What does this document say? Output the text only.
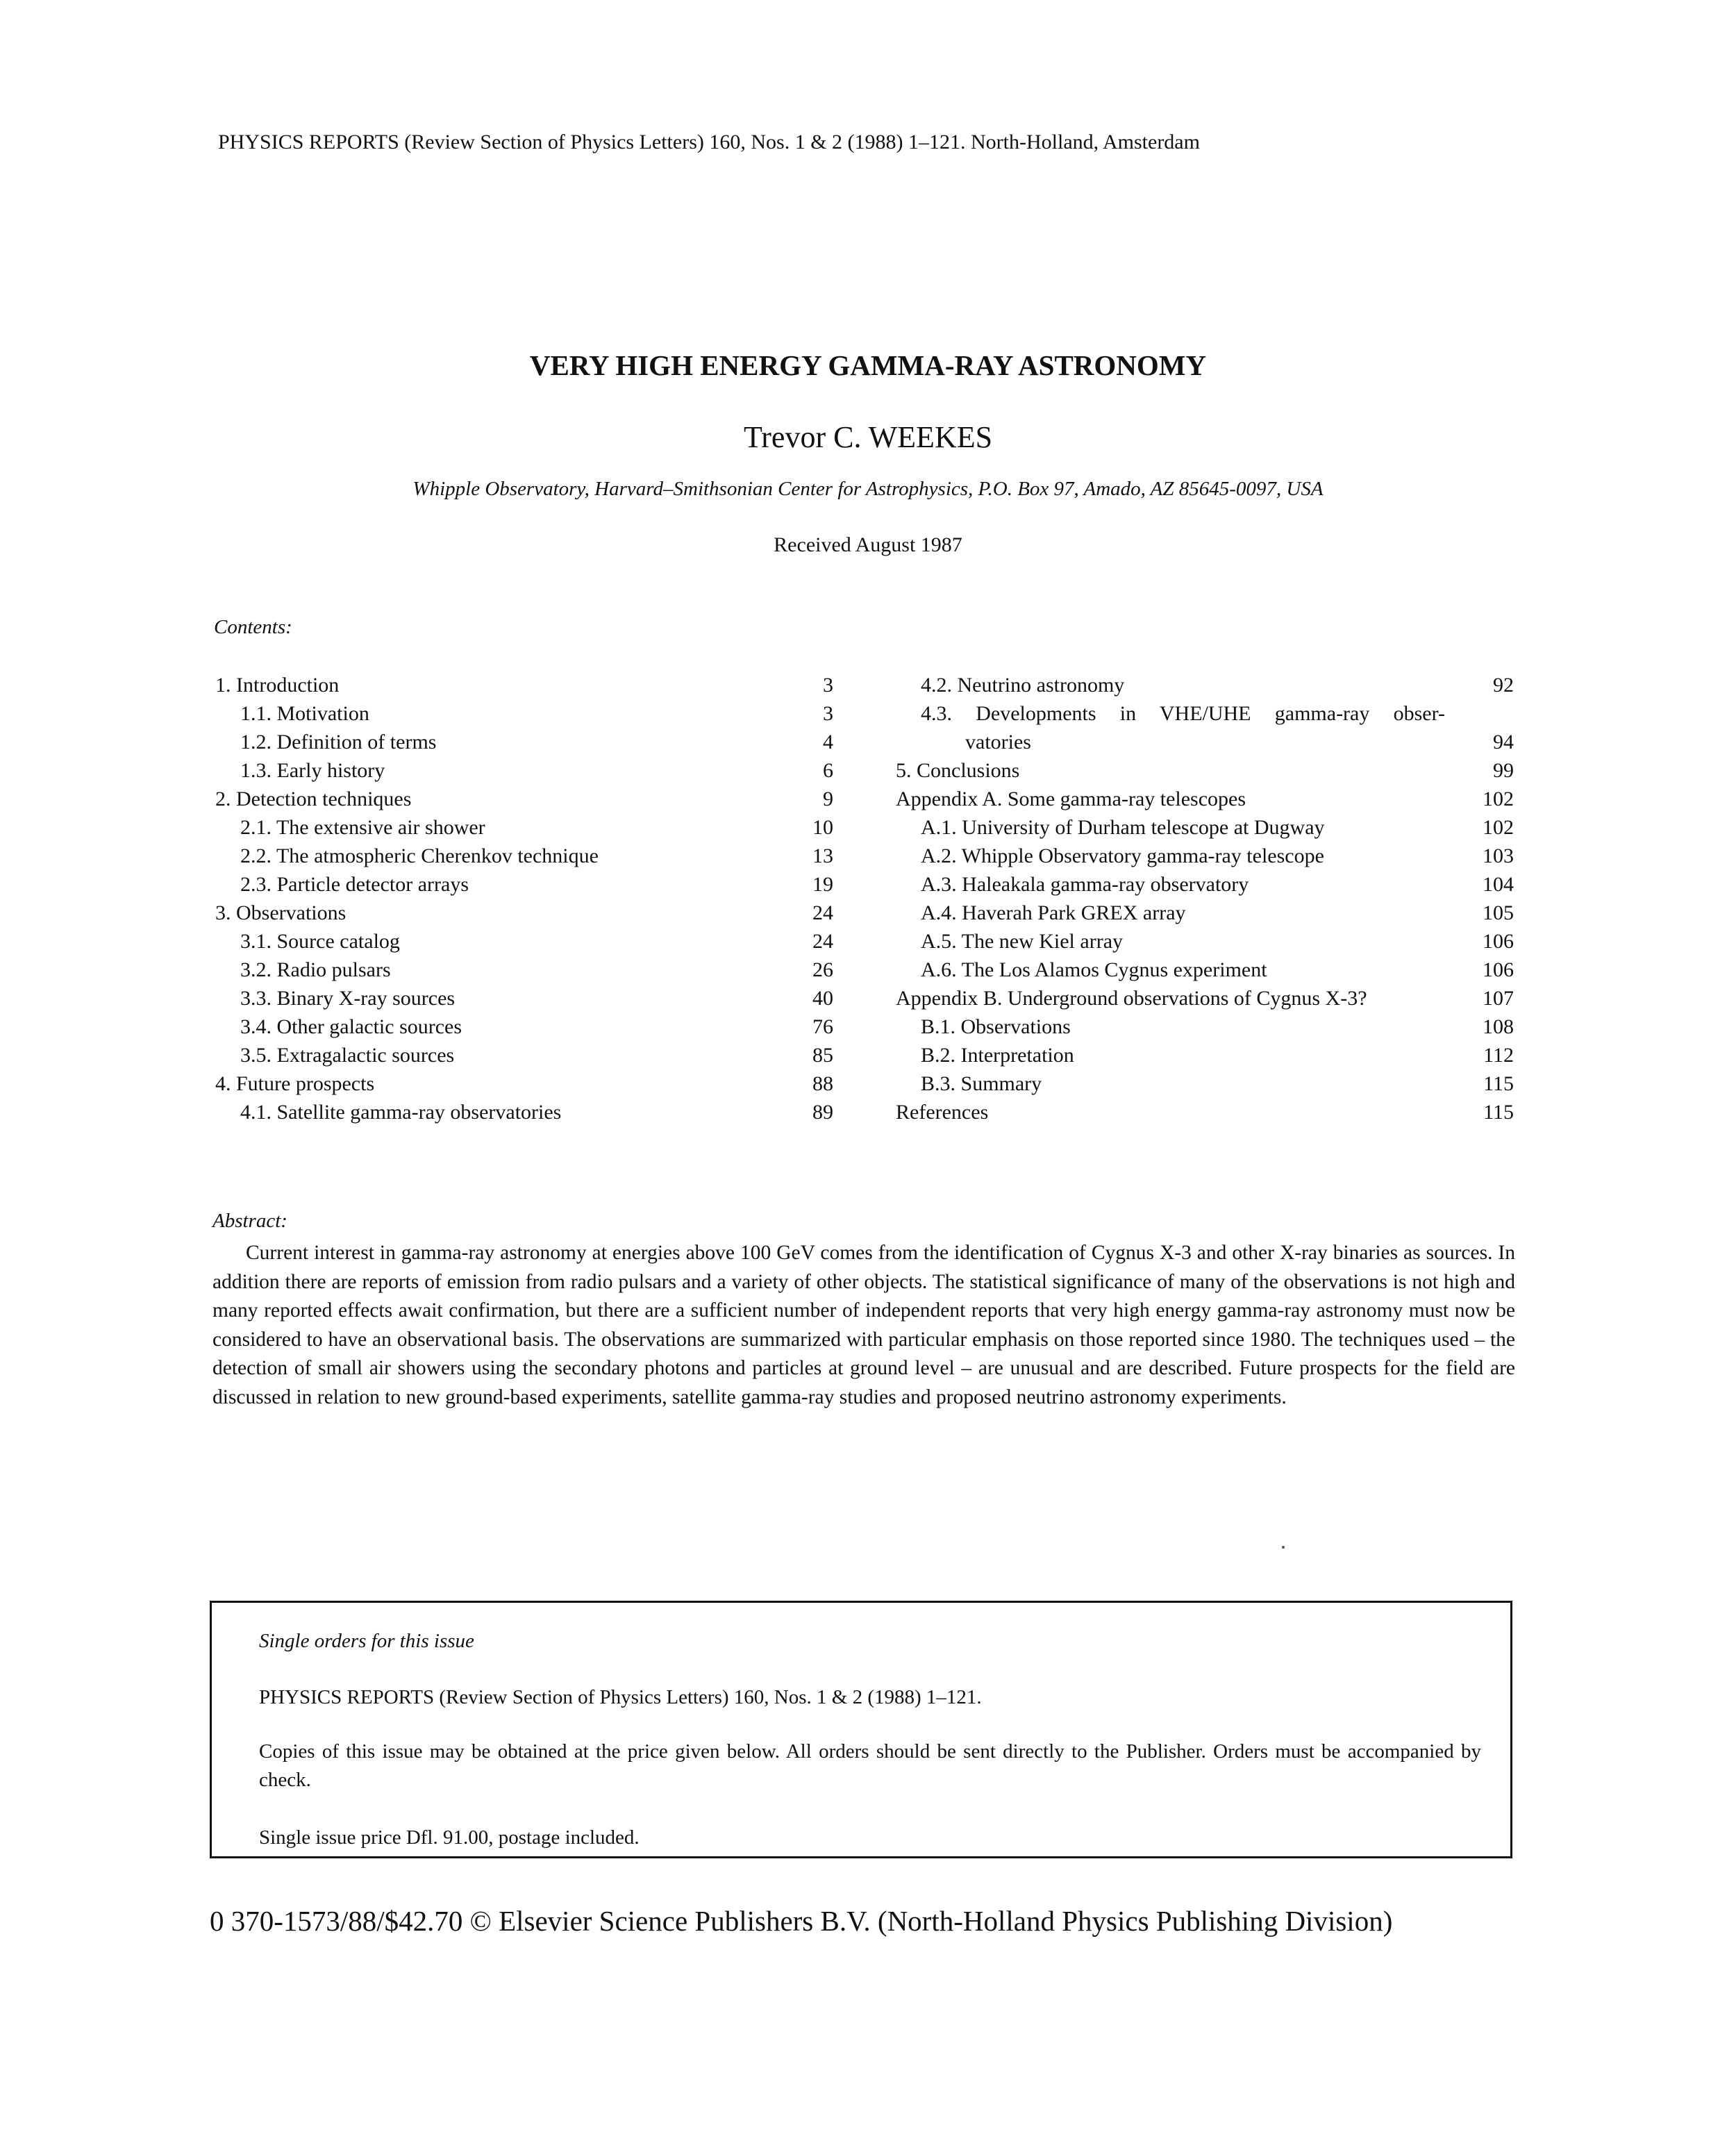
PHYSICS REPORTS (Review Section of Physics Letters) 160, Nos. 1 & 2 (1988) 1–121. North-Holland, Amsterdam
VERY HIGH ENERGY GAMMA-RAY ASTRONOMY
Trevor C. WEEKES
Whipple Observatory, Harvard–Smithsonian Center for Astrophysics, P.O. Box 97, Amado, AZ 85645-0097, USA
Received August 1987
Contents:
1. Introduction	3
1.1. Motivation	3
1.2. Definition of terms	4
1.3. Early history	6
2. Detection techniques	9
2.1. The extensive air shower	10
2.2. The atmospheric Cherenkov technique	13
2.3. Particle detector arrays	19
3. Observations	24
3.1. Source catalog	24
3.2. Radio pulsars	26
3.3. Binary X-ray sources	40
3.4. Other galactic sources	76
3.5. Extragalactic sources	85
4. Future prospects	88
4.1. Satellite gamma-ray observatories	89
4.2. Neutrino astronomy	92
4.3. Developments in VHE/UHE gamma-ray obser-
vatories	94
5. Conclusions	99
Appendix A. Some gamma-ray telescopes	102
A.1. University of Durham telescope at Dugway	102
A.2. Whipple Observatory gamma-ray telescope	103
A.3. Haleakala gamma-ray observatory	104
A.4. Haverah Park GREX array	105
A.5. The new Kiel array	106
A.6. The Los Alamos Cygnus experiment	106
Appendix B. Underground observations of Cygnus X-3?	107
B.1. Observations	108
B.2. Interpretation	112
B.3. Summary	115
References	115
Abstract:
Current interest in gamma-ray astronomy at energies above 100 GeV comes from the identification of Cygnus X-3 and other X-ray binaries as sources. In addition there are reports of emission from radio pulsars and a variety of other objects. The statistical significance of many of the observations is not high and many reported effects await confirmation, but there are a sufficient number of independent reports that very high energy gamma-ray astronomy must now be considered to have an observational basis. The observations are summarized with particular emphasis on those reported since 1980. The techniques used – the detection of small air showers using the secondary photons and particles at ground level – are unusual and are described. Future prospects for the field are discussed in relation to new ground-based experiments, satellite gamma-ray studies and proposed neutrino astronomy experiments.
Single orders for this issue
PHYSICS REPORTS (Review Section of Physics Letters) 160, Nos. 1 & 2 (1988) 1–121.
Copies of this issue may be obtained at the price given below. All orders should be sent directly to the Publisher. Orders must be accompanied by check.
Single issue price Dfl. 91.00, postage included.
0 370-1573/88/$42.70 © Elsevier Science Publishers B.V. (North-Holland Physics Publishing Division)
